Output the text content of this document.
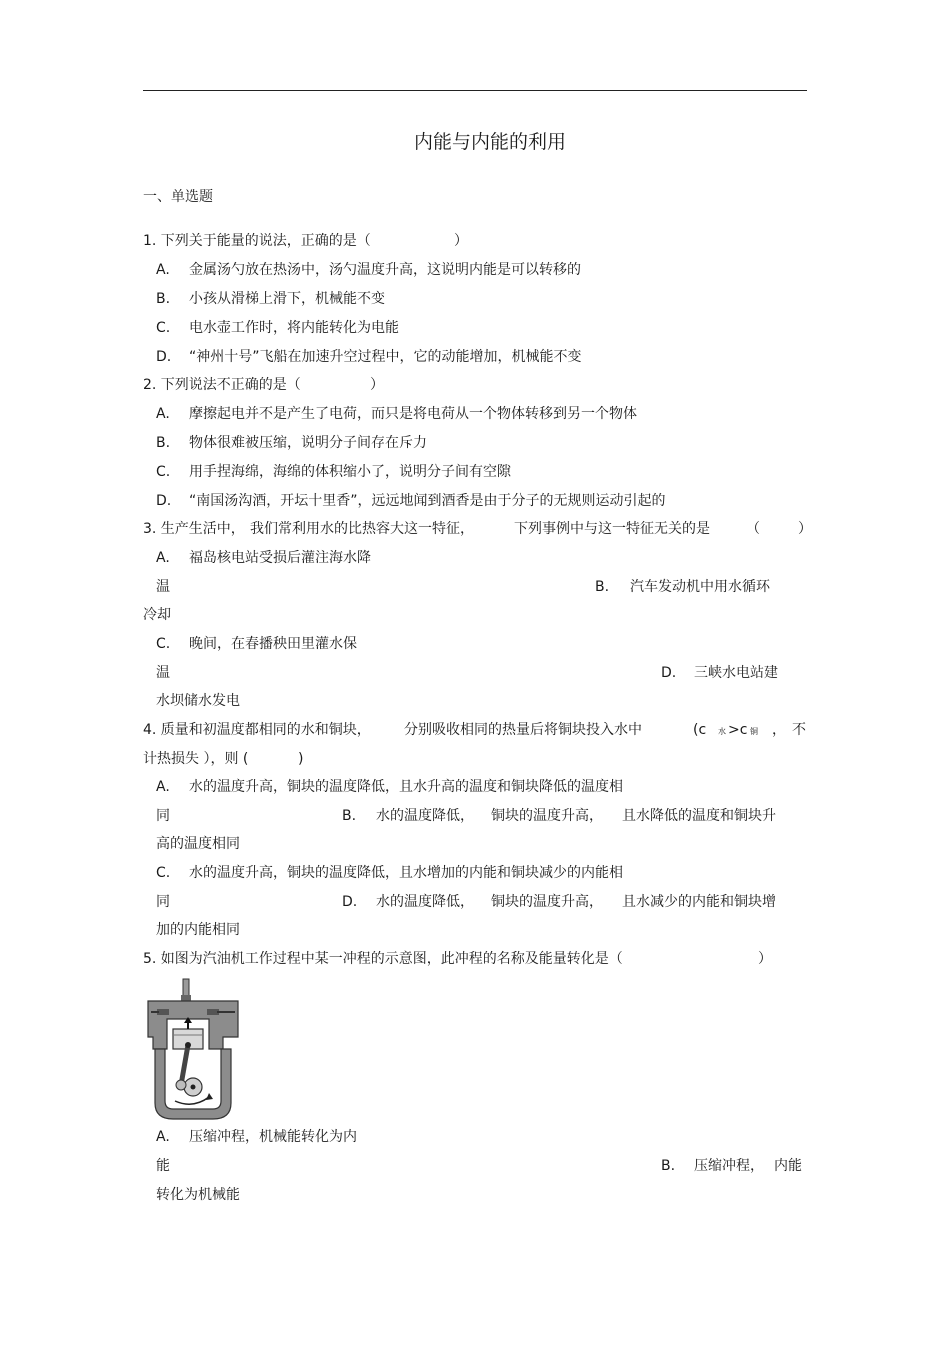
内能与内能的利用
一、单选题
1. 下列关于能量的说法，正确的是（	）
A. 金属汤勺放在热汤中，汤勺温度升高，这说明内能是可以转移的
B. 小孩从滑梯上滑下，机械能不变
C. 电水壶工作时，将内能转化为电能
D. “神州十号”飞船在加速升空过程中，它的动能增加，机械能不变
2. 下列说法不正确的是（	）
A. 摩擦起电并不是产生了电荷，而只是将电荷从一个物体转移到另一个物体
B. 物体很难被压缩，说明分子间存在斥力
C. 用手捏海绵，海绵的体积缩小了，说明分子间有空隙
D. “南国汤沟酒，开坛十里香”，远远地闻到酒香是由于分子的无规则运动引起的
3. 生产生活中， 我们常利用水的比热容大这一特征，	下列事例中与这一特征无关的是	（	）
A. 福岛核电站受损后灌注海水降
温	B. 汽车发动机中用水循环
冷却
C. 晚间，在春播秧田里灌水保
温	D. 三峡水电站建
水坝储水发电
4. 质量和初温度都相同的水和铜块， 分别吸收相同的热量后将铜块投入水中	(c 水 >c 铜 ， 不
计热损失 ），则 (	)
A. 水的温度升高，铜块的温度降低，且水升高的温度和铜块降低的温度相
同	B. 水的温度降低， 铜块的温度升高， 且水降低的温度和铜块升
高的温度相同
C. 水的温度升高，铜块的温度降低，且水增加的内能和铜块减少的内能相
同	D. 水的温度降低， 铜块的温度升高， 且水减少的内能和铜块增
加的内能相同
5. 如图为汽油机工作过程中某一冲程的示意图，此冲程的名称及能量转化是（	）
A. 压缩冲程，机械能转化为内
能	B. 压缩冲程， 内能
转化为机械能
